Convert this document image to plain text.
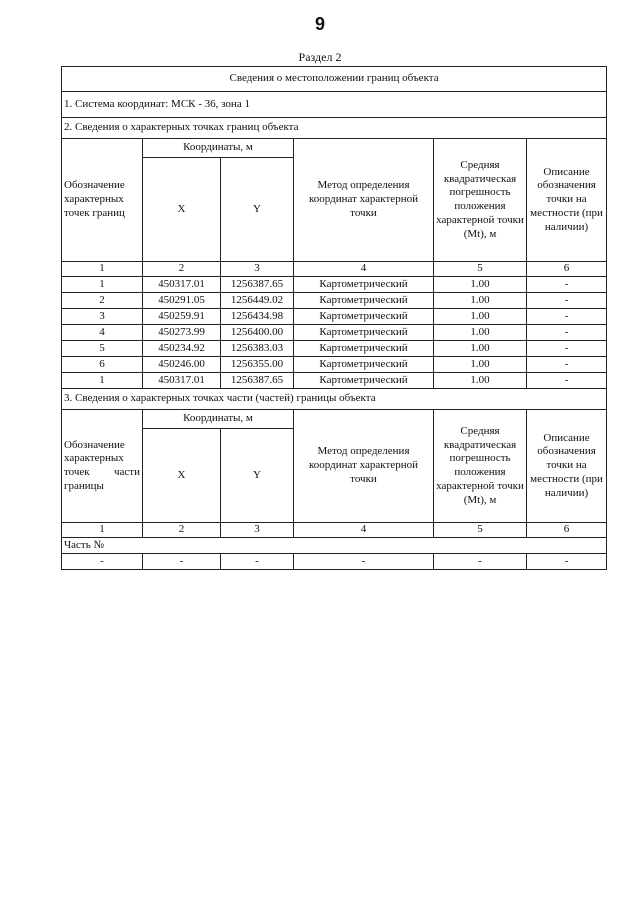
9
Раздел 2
Сведения о местоположении границ объекта					
1. Система координат: МСК - 36, зона 1					
2. Сведения о характерных точках границ объекта					
Обозначение характерных точек границ	Координаты, м		Метод определения координат характерной точки	Средняя квадратическая погрешность положения характерной точки (Mt), м	Описание обозначения точки на местности (при наличии)
	X	Y			
1	2	3	4	5	6
1	450317.01	1256387.65	Картометрический	1.00	-
2	450291.05	1256449.02	Картометрический	1.00	-
3	450259.91	1256434.98	Картометрический	1.00	-
4	450273.99	1256400.00	Картометрический	1.00	-
5	450234.92	1256383.03	Картометрический	1.00	-
6	450246.00	1256355.00	Картометрический	1.00	-
1	450317.01	1256387.65	Картометрический	1.00	-
3. Сведения о характерных точках части (частей) границы объекта					

Обозначение
характерных
точек части
границы	Координаты, м		Метод определения координат характерной точки	Средняя квадратическая погрешность положения характерной точки (Mt), м	Описание обозначения точки на местности (при наличии)
	X	Y			
1	2	3	4	5	6
Часть №					
-	-	-	-	-	-
